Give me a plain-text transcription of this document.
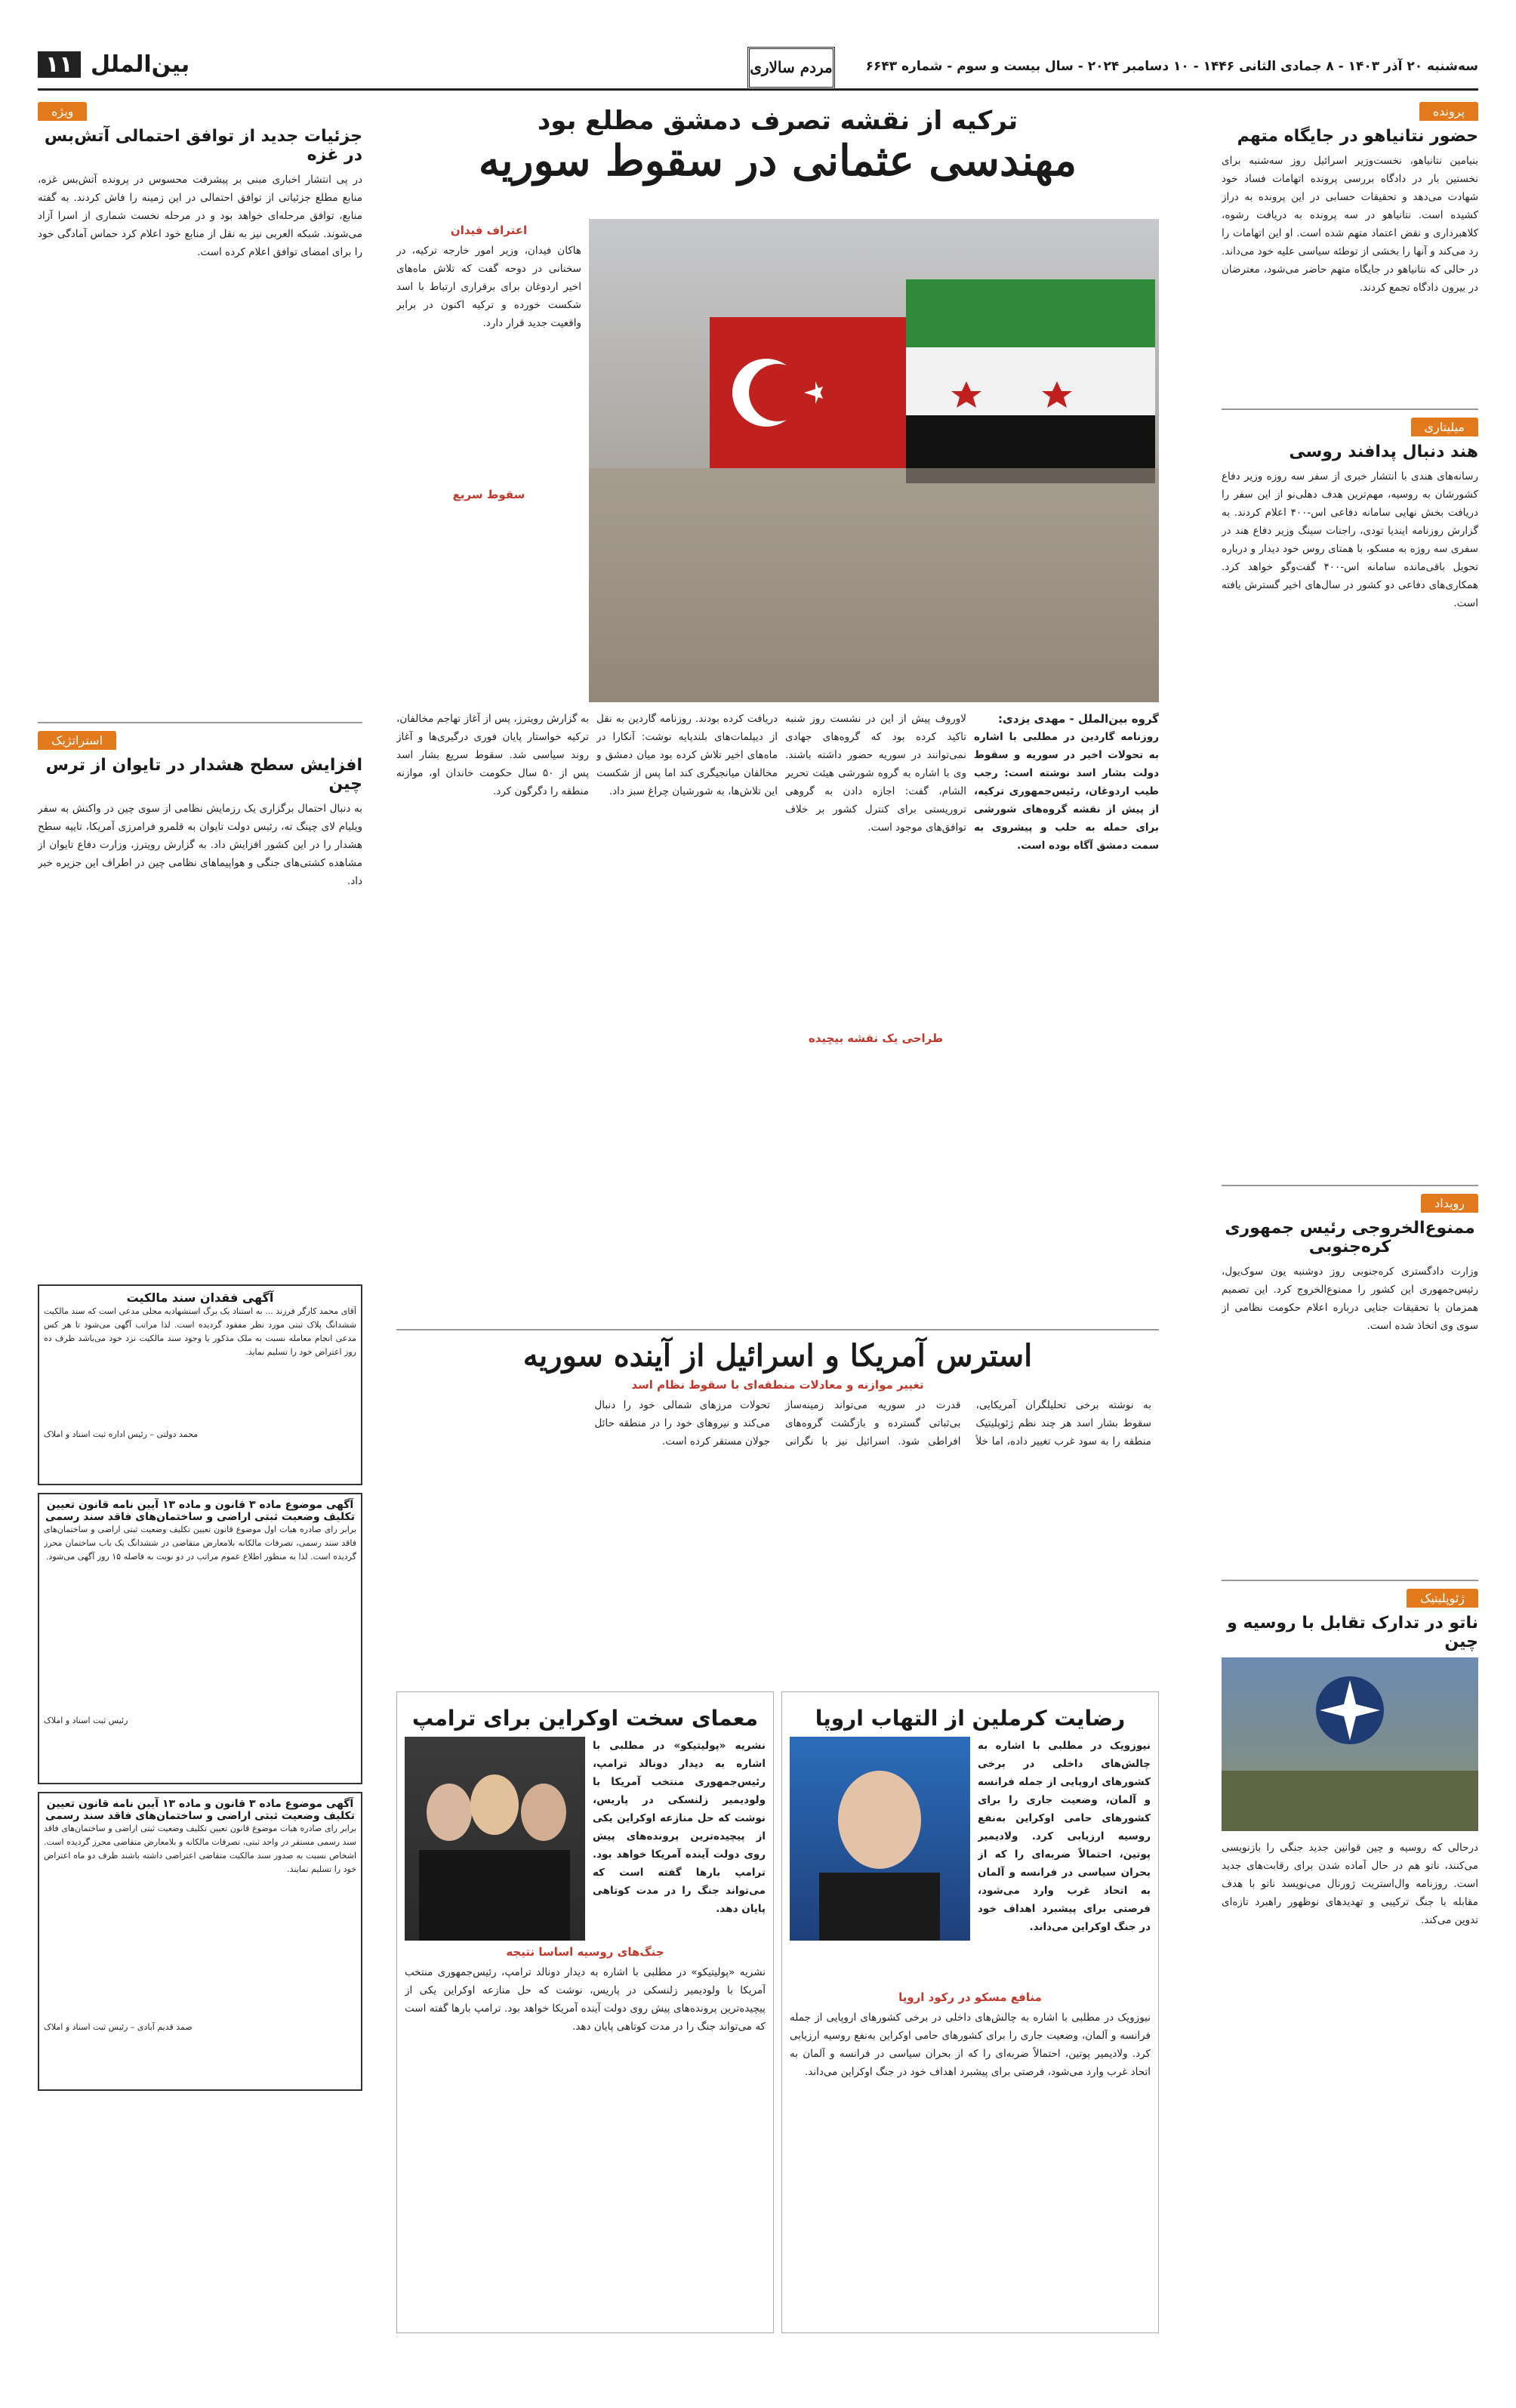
۱۱ بین‌الملل	مردم سالاری	سه‌شنبه ۲۰ آذر ۱۴۰۳ - ۸ جمادی الثانی ۱۴۴۶ - ۱۰ دسامبر ۲۰۲۴ - سال بیست و سوم - شماره ۶۶۴۳
پرونده
حضور نتانیاهو در جایگاه متهم
بنیامین نتانیاهو، نخست‌وزیر اسرائیل روز سه‌شنبه برای نخستین بار در دادگاه بررسی پرونده اتهامات فساد خود شهادت می‌دهد و تحقیقات حسابی در این پرونده به دراز کشیده است. نتانیاهو در سه پرونده به دریافت رشوه، کلاهبرداری و نقض اعتماد متهم شده است. او این اتهامات را رد می‌کند و آنها را بخشی از توطئه سیاسی علیه خود می‌داند. در حالی که نتانیاهو در جایگاه متهم حاضر می‌شود، معترضان در بیرون دادگاه تجمع کردند.
میلیتاری
هند دنبال پدافند روسی
رسانه‌های هندی با انتشار خبری از سفر سه روزه وزیر دفاع کشورشان به روسیه، مهم‌ترین هدف دهلی‌نو از این سفر را دریافت بخش نهایی سامانه دفاعی اس-۴۰۰ اعلام کردند. به گزارش روزنامه ایندیا تودی، راجنات سینگ وزیر دفاع هند در سفری سه روزه به مسکو، با همتای روس خود دیدار و درباره تحویل باقی‌مانده سامانه اس-۴۰۰ گفت‌وگو خواهد کرد. همکاری‌های دفاعی دو کشور در سال‌های اخیر گسترش یافته است.
رویداد
ممنوع‌الخروجی رئیس جمهوری کره‌جنوبی
وزارت دادگستری کره‌جنوبی روز دوشنبه یون سوک‌یول، رئیس‌جمهوری این کشور را ممنوع‌الخروج کرد. این تصمیم همزمان با تحقیقات جنایی درباره اعلام حکومت نظامی از سوی وی اتخاذ شده است.
ژئوپلیتیک
ناتو در تدارک تقابل با روسیه و چین
درحالی که روسیه و چین قوانین جدید جنگی را بازنویسی می‌کنند، ناتو هم در حال آماده شدن برای رقابت‌های جدید است. روزنامه وال‌استریت ژورنال می‌نویسد ناتو با هدف مقابله با جنگ ترکیبی و تهدیدهای نوظهور راهبرد تازه‌ای تدوین می‌کند.
ترکیه از نقشه تصرف دمشق مطلع بود
مهندسی عثمانی در سقوط سوریه
گروه بین‌الملل - مهدی یزدی:
روزنامه گاردین در مطلبی با اشاره به تحولات اخیر در سوریه و سقوط دولت بشار اسد نوشته است: رجب طیب اردوغان، رئیس‌جمهوری ترکیه، از پیش از نقشه گروه‌های شورشی برای حمله به حلب و پیشروی به سمت دمشق آگاه بوده است.
لاوروف پیش از این در نشست روز شنبه تاکید کرده بود که گروه‌های جهادی نمی‌توانند در سوریه حضور داشته باشند. وی با اشاره به گروه شورشی هیئت تحریر الشام، گفت: اجازه دادن به گروهی تروریستی برای کنترل کشور بر خلاف توافق‌های موجود است.
طراحی یک نقشه بیچیده
دریافت کرده بودند. روزنامه گاردین به نقل از دیپلمات‌های بلندپایه نوشت: آنکارا در ماه‌های اخیر تلاش کرده بود میان دمشق و مخالفان میانجیگری کند اما پس از شکست این تلاش‌ها، به شورشیان چراغ سبز داد.
به گزارش رویترز، پس از آغاز تهاجم مخالفان، ترکیه خواستار پایان فوری درگیری‌ها و آغاز روند سیاسی شد. سقوط سریع بشار اسد پس از ۵۰ سال حکومت خاندان او، موازنه منطقه را دگرگون کرد.
اعتراف فیدان
هاکان فیدان، وزیر امور خارجه ترکیه، در سخنانی در دوحه گفت که تلاش ماه‌های اخیر اردوغان برای برقراری ارتباط با اسد شکست خورده و ترکیه اکنون در برابر واقعیت جدید قرار دارد.
سقوط سریع
ویژه
جزئیات جدید از توافق احتمالی آتش‌بس در غزه
در پی انتشار اخباری مبنی بر پیشرفت محسوس در پرونده آتش‌بس غزه، منابع مطلع جزئیاتی از توافق احتمالی در این زمینه را فاش کردند. به گفته منابع، توافق مرحله‌ای خواهد بود و در مرحله نخست شماری از اسرا آزاد می‌شوند. شبکه العربی نیز به نقل از منابع خود اعلام کرد حماس آمادگی خود را برای امضای توافق اعلام کرده است.
استراتژیک
افزایش سطح هشدار در تایوان از ترس چین
به دنبال احتمال برگزاری یک رزمایش نظامی از سوی چین در واکنش به سفر ویلیام لای چینگ ته، رئیس دولت تایوان به قلمرو فرامرزی آمریکا، تایپه سطح هشدار را در این کشور افزایش داد. به گزارش رویترز، وزارت دفاع تایوان از مشاهده کشتی‌های جنگی و هواپیماهای نظامی چین در اطراف این جزیره خبر داد.
آگهی فقدان سند مالکیت
آقای محمد کارگر فرزند ... به استناد یک برگ استشهادیه محلی مدعی است که سند مالکیت ششدانگ پلاک ثبتی مورد نظر مفقود گردیده است. لذا مراتب آگهی می‌شود تا هر کس مدعی انجام معامله نسبت به ملک مذکور یا وجود سند مالکیت نزد خود می‌باشد ظرف ده روز اعتراض خود را تسلیم نماید.
محمد دولتی – رئیس اداره ثبت اسناد و املاک
آگهی موضوع ماده ۳ قانون و ماده ۱۳ آیین نامه قانون تعیین تکلیف وضعیت ثبتی اراضی و ساختمان‌های فاقد سند رسمی
برابر رای صادره هیات اول موضوع قانون تعیین تکلیف وضعیت ثبتی اراضی و ساختمان‌های فاقد سند رسمی، تصرفات مالکانه بلامعارض متقاضی در ششدانگ یک باب ساختمان محرز گردیده است. لذا به منظور اطلاع عموم مراتب در دو نوبت به فاصله ۱۵ روز آگهی می‌شود.
رئیس ثبت اسناد و املاک
آگهی موضوع ماده ۳ قانون و ماده ۱۳ آیین نامه قانون تعیین تکلیف وضعیت ثبتی اراضی و ساختمان‌های فاقد سند رسمی
برابر رای صادره هیات موضوع قانون تعیین تکلیف وضعیت ثبتی اراضی و ساختمان‌های فاقد سند رسمی مستقر در واحد ثبتی، تصرفات مالکانه و بلامعارض متقاضی محرز گردیده است. اشخاص نسبت به صدور سند مالکیت متقاضی اعتراضی داشته باشند ظرف دو ماه اعتراض خود را تسلیم نمایند.
صمد قدیم آبادی – رئیس ثبت اسناد و املاک
استرس آمریکا و اسرائیل از آینده سوریه
تغییر موازنه و معادلات منطقه‌ای با سقوط نظام اسد
به نوشته برخی تحلیلگران آمریکایی، سقوط بشار اسد هر چند نظم ژئوپلیتیک منطقه را به سود غرب تغییر داده، اما خلأ قدرت در سوریه می‌تواند زمینه‌ساز بی‌ثباتی گسترده و بازگشت گروه‌های افراطی شود. اسرائیل نیز با نگرانی تحولات مرزهای شمالی خود را دنبال می‌کند و نیروهای خود را در منطقه حائل جولان مستقر کرده است.
رضایت کرملین از التهاب اروپا
نیوزویک در مطلبی با اشاره به چالش‌های داخلی در برخی کشورهای اروپایی از جمله فرانسه و آلمان، وضعیت جاری را برای کشورهای حامی اوکراین به‌نفع روسیه ارزیابی کرد. ولادیمیر پوتین، احتمالاً ضربه‌ای را که از بحران سیاسی در فرانسه و آلمان به اتحاد غرب وارد می‌شود، فرصتی برای پیشبرد اهداف خود در جنگ اوکراین می‌داند.
منافع مسکو در رکود اروپا
نیوزویک در مطلبی با اشاره به چالش‌های داخلی در برخی کشورهای اروپایی از جمله فرانسه و آلمان، وضعیت جاری را برای کشورهای حامی اوکراین به‌نفع روسیه ارزیابی کرد. ولادیمیر پوتین، احتمالاً ضربه‌ای را که از بحران سیاسی در فرانسه و آلمان به اتحاد غرب وارد می‌شود، فرصتی برای پیشبرد اهداف خود در جنگ اوکراین می‌داند.
معمای سخت اوکراین برای ترامپ
نشریه «پولیتیکو» در مطلبی با اشاره به دیدار دونالد ترامپ، رئیس‌جمهوری منتخب آمریکا با ولودیمیر زلنسکی در پاریس، نوشت که حل منازعه اوکراین یکی از پیچیده‌ترین پرونده‌های پیش روی دولت آینده آمریکا خواهد بود. ترامپ بارها گفته است که می‌تواند جنگ را در مدت کوتاهی پایان دهد.
جنگ‌های روسیه اساسا نتیجه
نشریه «پولیتیکو» در مطلبی با اشاره به دیدار دونالد ترامپ، رئیس‌جمهوری منتخب آمریکا با ولودیمیر زلنسکی در پاریس، نوشت که حل منازعه اوکراین یکی از پیچیده‌ترین پرونده‌های پیش روی دولت آینده آمریکا خواهد بود. ترامپ بارها گفته است که می‌تواند جنگ را در مدت کوتاهی پایان دهد.
